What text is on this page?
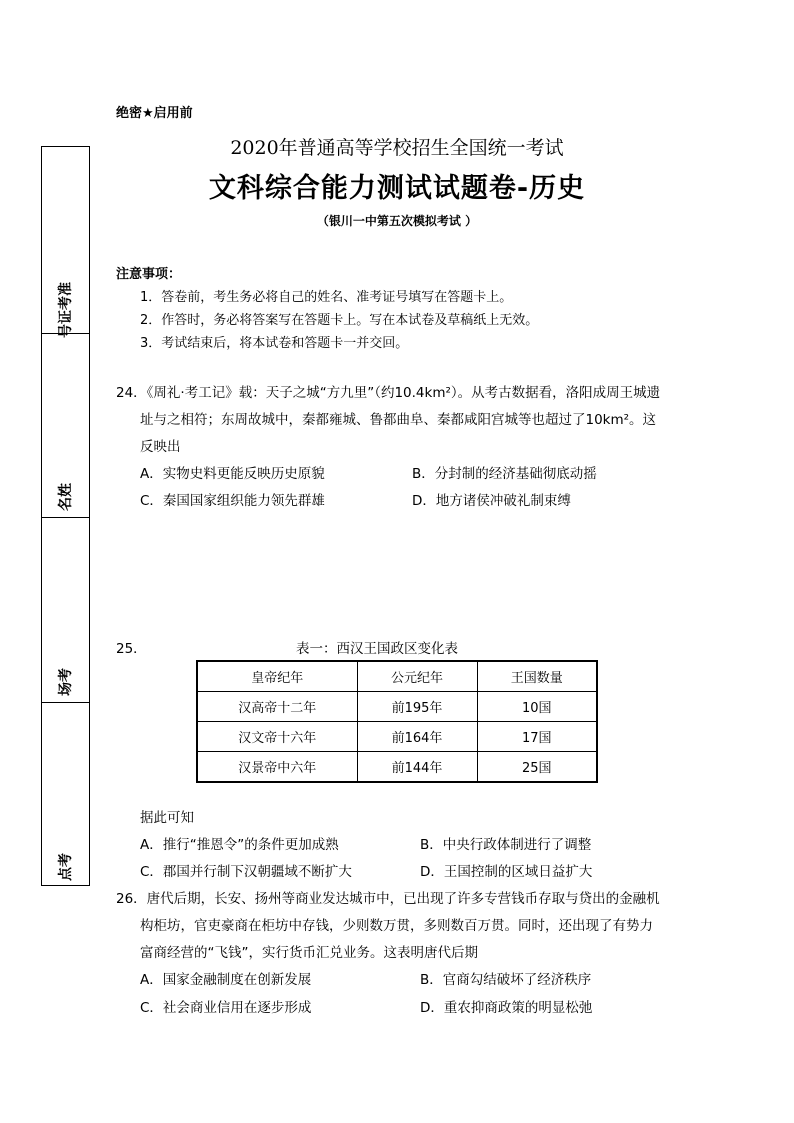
准
考
证
号
姓
名
考
场
考
点
绝密★启用前
2020年普通高等学校招生全国统一考试
文科综合能力测试试题卷-历史
（银川一中第五次模拟考试 ）
注意事项：
1．答卷前，考生务必将自己的姓名、准考证号填写在答题卡上。
2．作答时，务必将答案写在答题卡上。写在本试卷及草稿纸上无效。
3．考试结束后，将本试卷和答题卡一并交回。
24．《周礼·考工记》载：天子之城“方九里”（约10.4km²）。从考古数据看，洛阳成周王城遗
址与之相符；东周故城中，秦都雍城、鲁都曲阜、秦都咸阳宫城等也超过了10km²。这
反映出
A．实物史料更能反映历史原貌	B．分封制的经济基础彻底动摇
C．秦国国家组织能力领先群雄	D．地方诸侯冲破礼制束缚
25．	表一：西汉王国政区变化表
皇帝纪年	公元纪年	王国数量
汉高帝十二年	前195年	10国
汉文帝十六年	前164年	17国
汉景帝中六年	前144年	25国
据此可知
A．推行“推恩令”的条件更加成熟	B．中央行政体制进行了调整
C．郡国并行制下汉朝疆域不断扩大	D．王国控制的区域日益扩大
26．唐代后期，长安、扬州等商业发达城市中，已出现了许多专营钱币存取与贷出的金融机
构柜坊，官吏豪商在柜坊中存钱，少则数万贯，多则数百万贯。同时，还出现了有势力
富商经营的“飞钱”，实行货币汇兑业务。这表明唐代后期
A．国家金融制度在创新发展	B．官商勾结破坏了经济秩序
C．社会商业信用在逐步形成	D．重农抑商政策的明显松弛
